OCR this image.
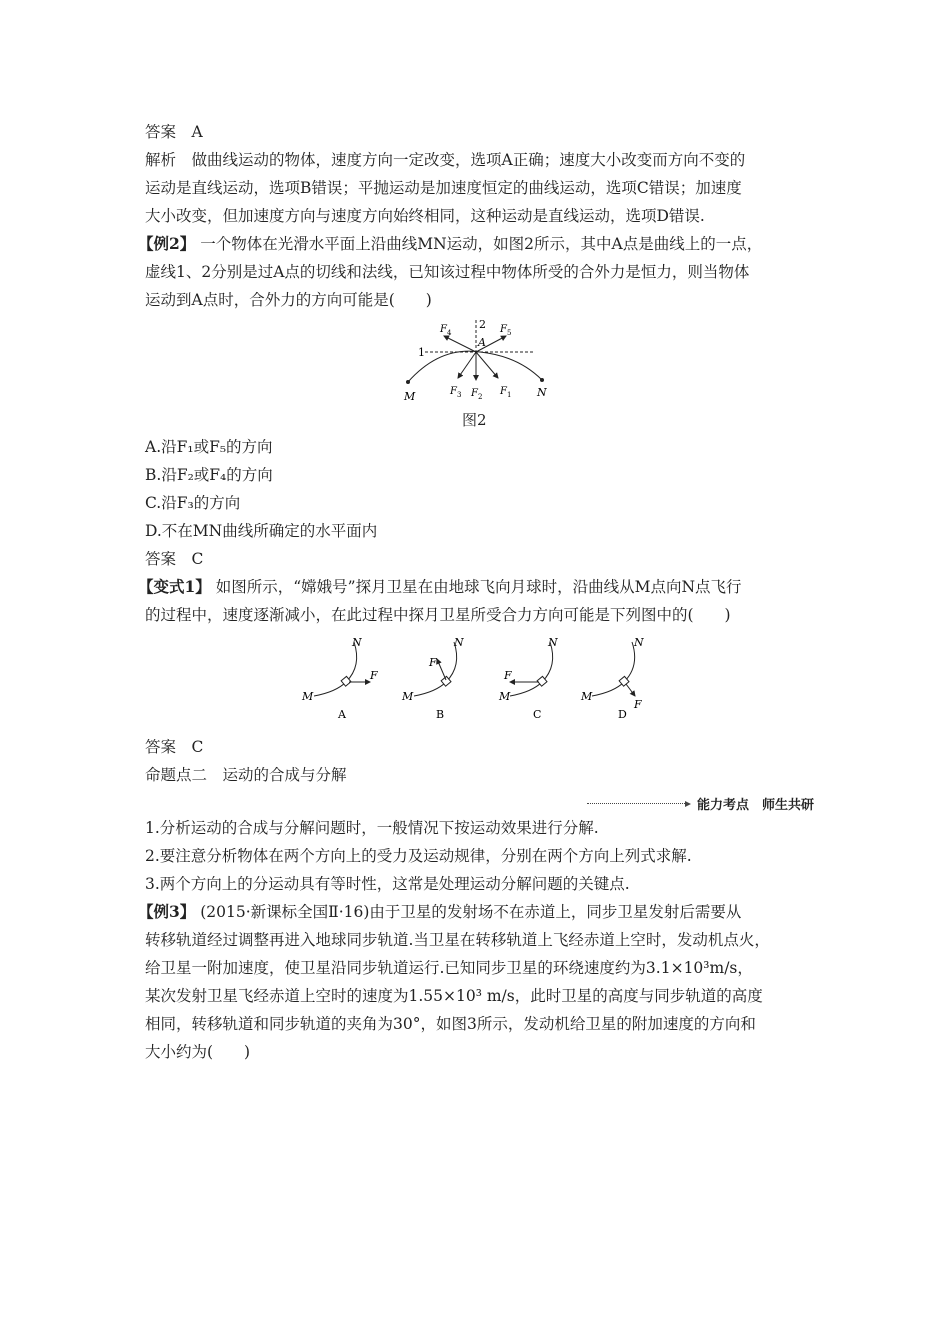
答案　A
解析　做曲线运动的物体，速度方向一定改变，选项A正确；速度大小改变而方向不变的
运动是直线运动，选项B错误；平抛运动是加速度恒定的曲线运动，选项C错误；加速度
大小改变，但加速度方向与速度方向始终相同，这种运动是直线运动，选项D错误.
【例2】 一个物体在光滑水平面上沿曲线MN运动，如图2所示，其中A点是曲线上的一点，
虚线1、2分别是过A点的切线和法线，已知该过程中物体所受的合外力是恒力，则当物体
运动到A点时，合外力的方向可能是(　　)
1
2
A
M	N
F 4	F 5
F 3 F 2 F 1
图2
A.沿F₁或F₅的方向
B.沿F₂或F₄的方向
C.沿F₃的方向
D.不在MN曲线所确定的水平面内
答案　C
【变式1】 如图所示，“嫦娥号”探月卫星在由地球飞向月球时，沿曲线从M点向N点飞行
的过程中，速度逐渐减小，在此过程中探月卫星所受合力方向可能是下列图中的(　　)
N
M
F
A
N
M
F
B
N
M
F
C
N
M
F
D
答案　C
命题点二　运动的合成与分解
能力考点　师生共研
1.分析运动的合成与分解问题时，一般情况下按运动效果进行分解.
2.要注意分析物体在两个方向上的受力及运动规律，分别在两个方向上列式求解.
3.两个方向上的分运动具有等时性，这常是处理运动分解问题的关键点.
【例3】 (2015·新课标全国Ⅱ·16)由于卫星的发射场不在赤道上，同步卫星发射后需要从
转移轨道经过调整再进入地球同步轨道.当卫星在转移轨道上飞经赤道上空时，发动机点火，
给卫星一附加速度，使卫星沿同步轨道运行.已知同步卫星的环绕速度约为3.1×10³m/s，
某次发射卫星飞经赤道上空时的速度为1.55×10³ m/s，此时卫星的高度与同步轨道的高度
相同，转移轨道和同步轨道的夹角为30°，如图3所示，发动机给卫星的附加速度的方向和
大小约为(　　)
